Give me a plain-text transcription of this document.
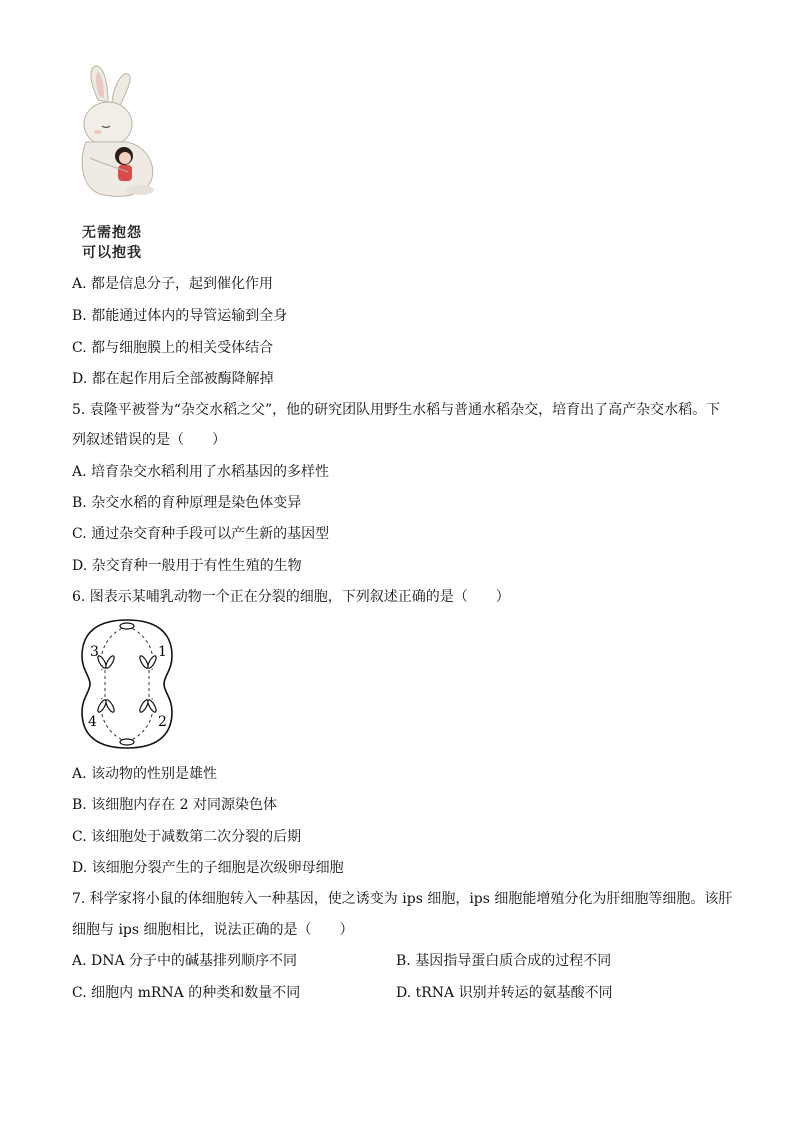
无需抱怨
可以抱我
A. 都是信息分子，起到催化作用
B. 都能通过体内的导管运输到全身
C. 都与细胞膜上的相关受体结合
D. 都在起作用后全部被酶降解掉
5. 袁隆平被誉为“杂交水稻之父”，他的研究团队用野生水稻与普通水稻杂交，培育出了高产杂交水稻。下
列叙述错误的是（　　）
A. 培育杂交水稻利用了水稻基因的多样性
B. 杂交水稻的育种原理是染色体变异
C. 通过杂交育种手段可以产生新的基因型
D. 杂交育种一般用于有性生殖的生物
6. 图表示某哺乳动物一个正在分裂的细胞，下列叙述正确的是（　　）
1
2
3
4
A. 该动物的性别是雄性
B. 该细胞内存在 2 对同源染色体
C. 该细胞处于减数第二次分裂的后期
D. 该细胞分裂产生的子细胞是次级卵母细胞
7. 科学家将小鼠的体细胞转入一种基因，使之诱变为 ips 细胞，ips 细胞能增殖分化为肝细胞等细胞。该肝
细胞与 ips 细胞相比，说法正确的是（　　）
A. DNA 分子中的碱基排列顺序不同	B. 基因指导蛋白质合成的过程不同
C. 细胞内 mRNA 的种类和数量不同	D. tRNA 识别并转运的氨基酸不同
